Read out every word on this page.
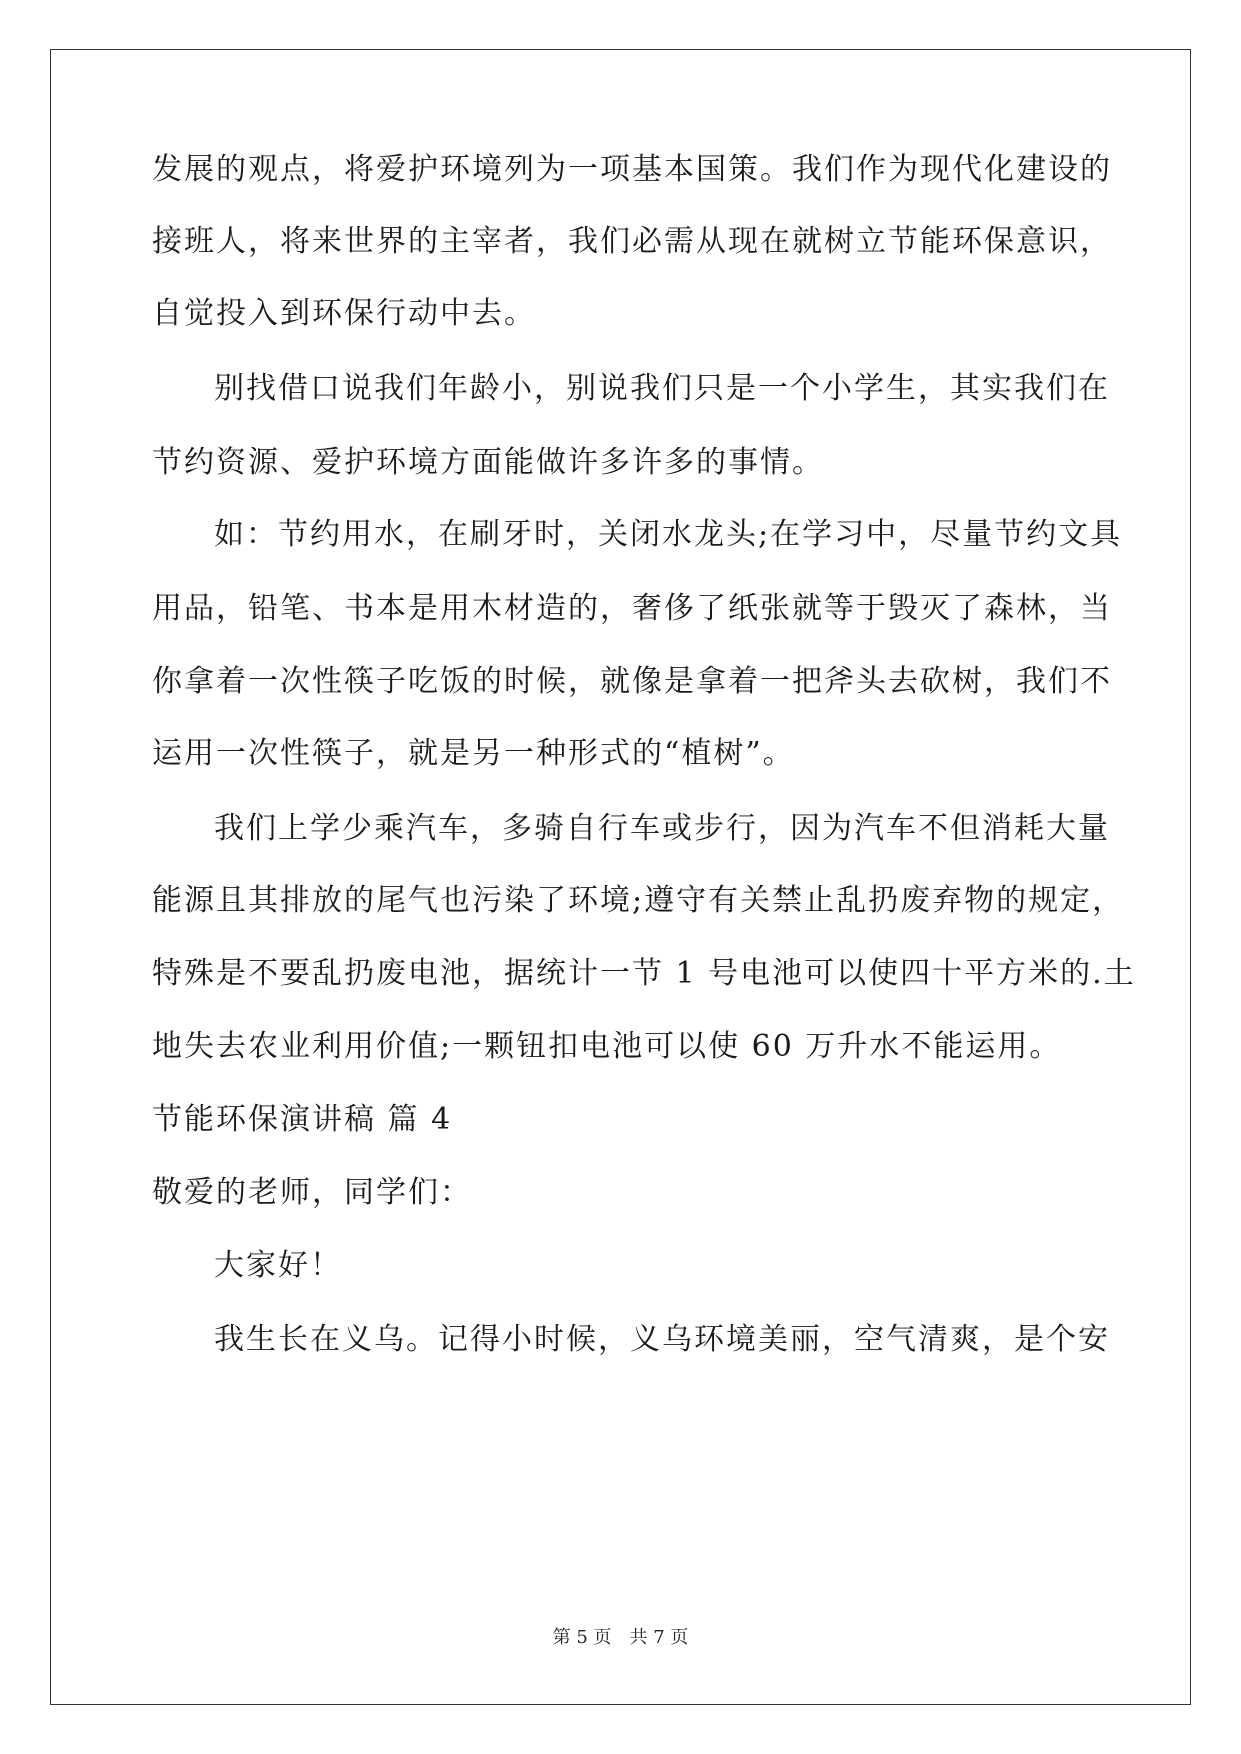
发展的观点，将爱护环境列为一项基本国策。我们作为现代化建设的
接班人，将来世界的主宰者，我们必需从现在就树立节能环保意识，
自觉投入到环保行动中去。
别找借口说我们年龄小，别说我们只是一个小学生，其实我们在
节约资源、爱护环境方面能做许多许多的事情。
如：节约用水，在刷牙时，关闭水龙头;在学习中，尽量节约文具
用品，铅笔、书本是用木材造的，奢侈了纸张就等于毁灭了森林，当
你拿着一次性筷子吃饭的时候，就像是拿着一把斧头去砍树，我们不
运用一次性筷子，就是另一种形式的“植树”。
我们上学少乘汽车，多骑自行车或步行，因为汽车不但消耗大量
能源且其排放的尾气也污染了环境;遵守有关禁止乱扔废弃物的规定，
特殊是不要乱扔废电池，据统计一节 1 号电池可以使四十平方米的.土
地失去农业利用价值;一颗钮扣电池可以使 60 万升水不能运用。
节能环保演讲稿 篇 4
敬爱的老师，同学们：
大家好！
我生长在义乌。记得小时候，义乌环境美丽，空气清爽，是个安
第 5 页　共 7 页
